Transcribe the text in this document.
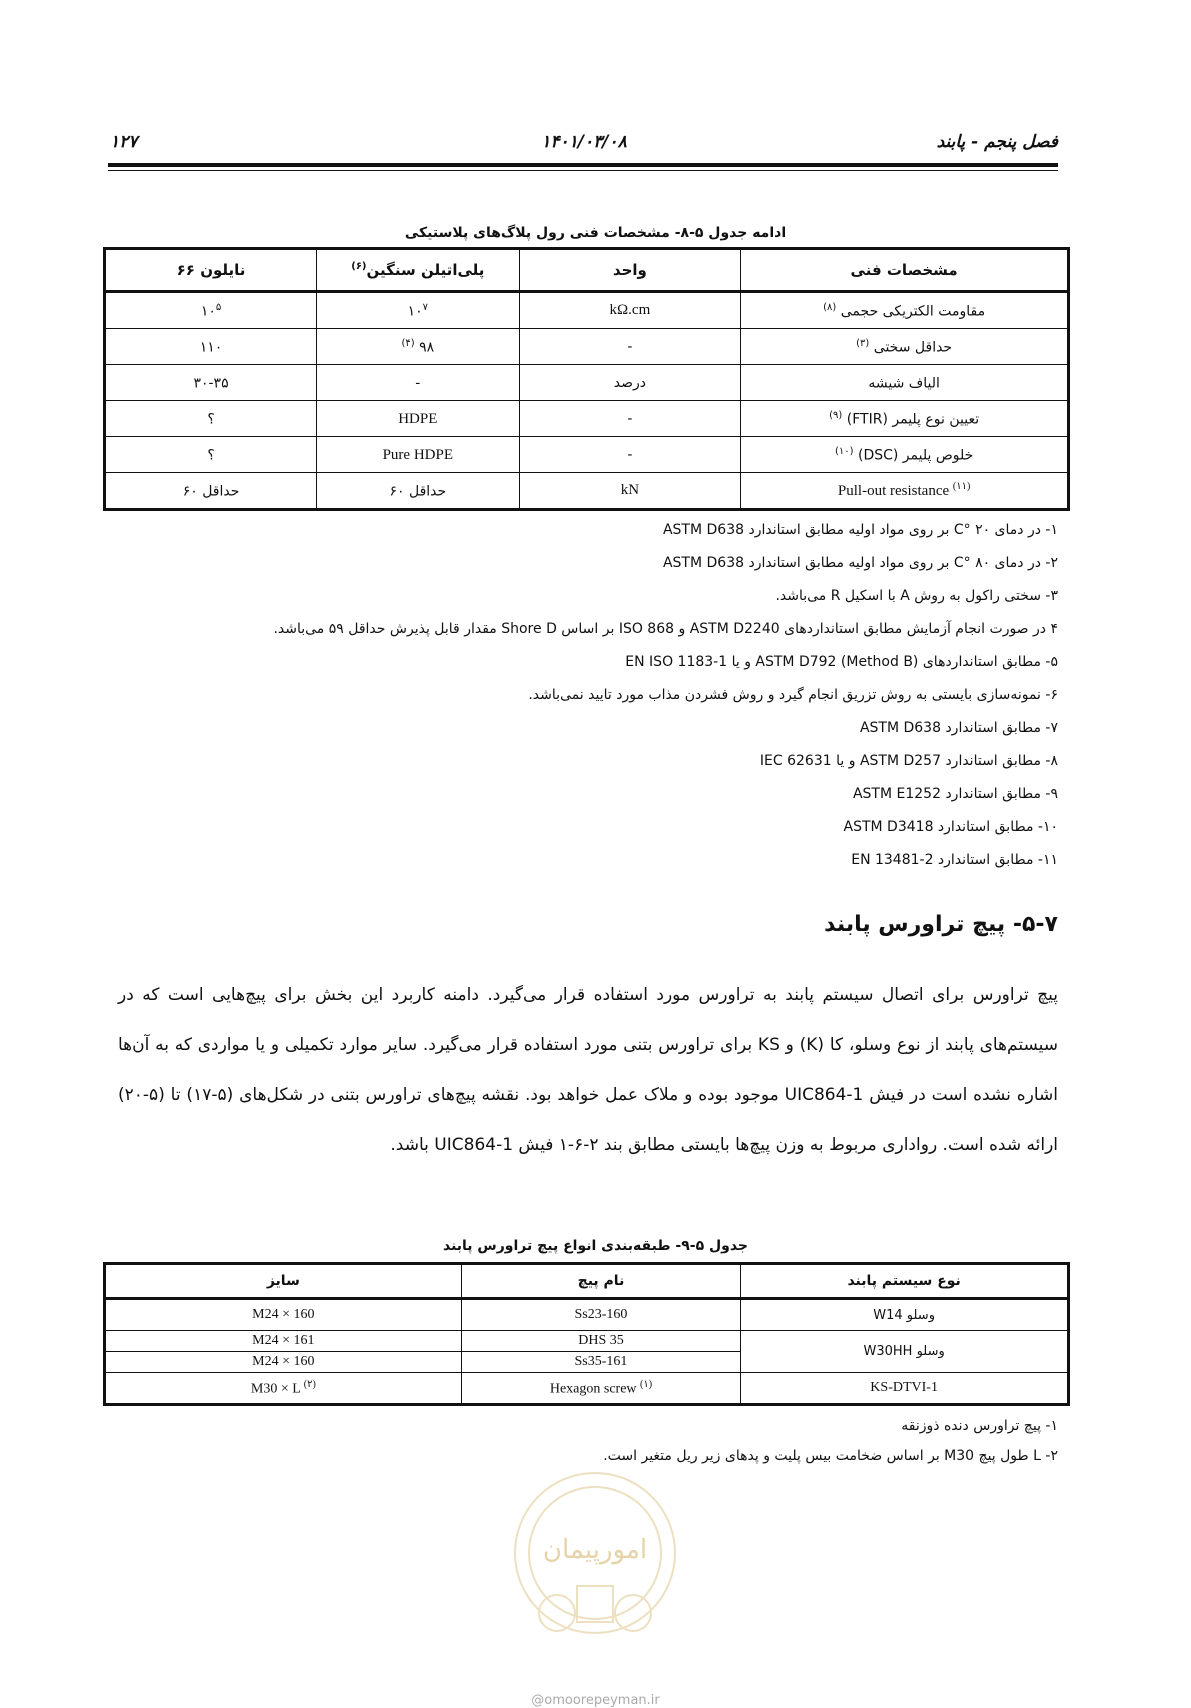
فصل پنجم - پابند
۱۴۰۱/۰۳/۰۸
۱۲۷
ادامه جدول ۵-۸- مشخصات فنی رول پلاگ‌های پلاستیکی
مشخصات فنی	واحد	پلی‌اتیلن سنگین$^{(۶)}$	نایلون ۶۶
مقاومت الکتریکی حجمی $^{(۸)}$	kΩ.cm	$۱۰^۷$	$۱۰^۵$
حداقل سختی $^{(۳)}$	-	۹۸ $^{(۴)}$	۱۱۰
الیاف شیشه	درصد	-	۳۰-۳۵
تعیین نوع پلیمر (FTIR) $^{(۹)}$	-	HDPE	؟
خلوص پلیمر (DSC) $^{(۱۰)}$	-	Pure HDPE	؟
Pull-out resistance $^{(۱۱)}$	kN	حداقل ۶۰	حداقل ۶۰
۱- در دمای C° ۲۰ بر روی مواد اولیه مطابق استاندارد ASTM D638
۲- در دمای C° ۸۰ بر روی مواد اولیه مطابق استاندارد ASTM D638
۳- سختی راکول به روش A با اسکیل R می‌باشد.
۴ در صورت انجام آزمایش مطابق استانداردهای ASTM D2240 و ISO 868 بر اساس Shore D مقدار قابل پذیرش حداقل ۵۹ می‌باشد.
۵- مطابق استانداردهای ASTM D792 (Method B) و یا EN ISO 1183-1
۶- نمونه‌سازی بایستی به روش تزریق انجام گیرد و روش فشردن مذاب مورد تایید نمی‌باشد.
۷- مطابق استاندارد ASTM D638
۸- مطابق استاندارد ASTM D257 و یا IEC 62631
۹- مطابق استاندارد ASTM E1252
۱۰- مطابق استاندارد ASTM D3418
۱۱- مطابق استاندارد EN 13481-2
۵-۷- پیچ تراورس پابند
پیچ تراورس برای اتصال سیستم پابند به تراورس مورد استفاده قرار می‌گیرد. دامنه کاربرد این بخش برای پیچ‌هایی است که در سیستم‌های پابند از نوع وسلو، کا (K) و KS برای تراورس بتنی مورد استفاده قرار می‌گیرد. سایر موارد تکمیلی و یا مواردی که به آن‌ها اشاره نشده است در فیش UIC864-1 موجود بوده و ملاک عمل خواهد بود. نقشه پیچ‌های تراورس بتنی در شکل‌های (۵-۱۷) تا (۵-۲۰) ارائه شده است. رواداری مربوط به وزن پیچ‌ها بایستی مطابق بند ۲-۶-۱ فیش UIC864-1 باشد.
جدول ۵-۹- طبقه‌بندی انواع پیچ تراورس پابند
نوع سیستم پابند	نام پیچ	سایز
وسلو W14	Ss23-160	M24 × 160
وسلو W30HH	DHS 35	M24 × 161
	Ss35-161	M24 × 160
KS-DTVI-1	Hexagon screw $^{(۱)}$	M30 × L $^{(۲)}$
۱- پیچ تراورس دنده ذوزنقه
۲- L طول پیچ M30 بر اساس ضخامت بیس پلیت و پدهای زیر ریل متغیر است.
امورپیمان
@omoorepeyman.ir
